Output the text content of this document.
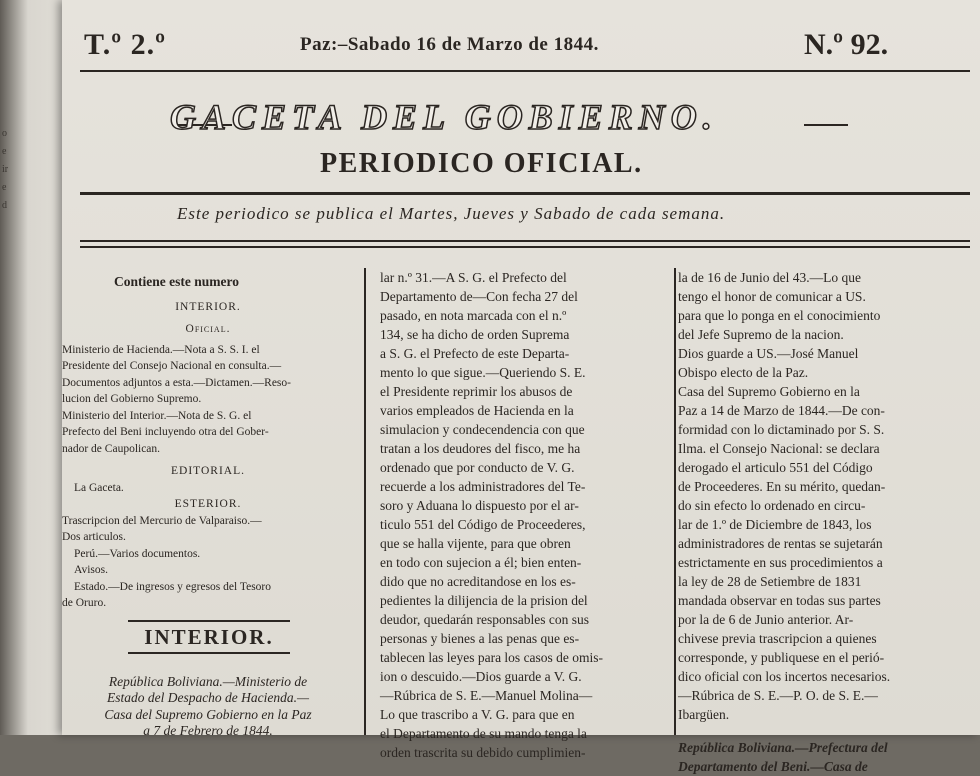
o
e
ir
e
d
T.º 2.º	Paz:–Sabado 16 de Marzo de 1844.	N.º 92.
GACETA DEL GOBIERNO.
PERIODICO OFICIAL.
Este periodico se publica el Martes, Jueves y Sabado de cada semana.
Contiene este numero
INTERIOR.
Oficial.
Ministerio de Hacienda.—Nota a S. S. I. el
Presidente del Consejo Nacional en consulta.—
Documentos adjuntos a esta.—Dictamen.—Reso-
lucion del Gobierno Supremo.
Ministerio del Interior.—Nota de S. G. el
Prefecto del Beni incluyendo otra del Gober-
nador de Caupolican.
EDITORIAL.
La Gaceta.
ESTERIOR.
Trascripcion del Mercurio de Valparaiso.—
Dos articulos.
Perú.—Varios documentos.
Avisos.
Estado.—De ingresos y egresos del Tesoro
de Oruro.
INTERIOR.
República Boliviana.—Ministerio de
Estado del Despacho de Hacienda.—
Casa del Supremo Gobierno en la Paz
a 7 de Febrero de 1844.
lar n.º 31.—A S. G. el Prefecto del
Departamento de—Con fecha 27 del
pasado, en nota marcada con el n.º
134, se ha dicho de orden Suprema
a S. G. el Prefecto de este Departa-
mento lo que sigue.—Queriendo S. E.
el Presidente reprimir los abusos de
varios empleados de Hacienda en la
simulacion y condecendencia con que
tratan a los deudores del fisco, me ha
ordenado que por conducto de V. G.
recuerde a los administradores del Te-
soro y Aduana lo dispuesto por el ar-
ticulo 551 del Código de Proceederes,
que se halla vijente, para que obren
en todo con sujecion a él; bien enten-
dido que no acreditandose en los es-
pedientes la dilijencia de la prision del
deudor, quedarán responsables con sus
personas y bienes a las penas que es-
tablecen las leyes para los casos de omis-
ion o descuido.—Dios guarde a V. G.
—Rúbrica de S. E.—Manuel Molina—
Lo que trascribo a V. G. para que en
el Departamento de su mando tenga la
orden trascrita su debido cumplimien-
la de 16 de Junio del 43.—Lo que
tengo el honor de comunicar a US.
para que lo ponga en el conocimiento
del Jefe Supremo de la nacion.
Dios guarde a US.—José Manuel
Obispo electo de la Paz.
Casa del Supremo Gobierno en la
Paz a 14 de Marzo de 1844.—De con-
formidad con lo dictaminado por S. S.
Ilma. el Consejo Nacional: se declara
derogado el articulo 551 del Código
de Proceederes. En su mérito, quedan-
do sin efecto lo ordenado en circu-
lar de 1.º de Diciembre de 1843, los
administradores de rentas se sujetarán
estrictamente en sus procedimientos a
la ley de 28 de Setiembre de 1831
mandada observar en todas sus partes
por la de 6 de Junio anterior. Ar-
chivese previa trascripcion a quienes
corresponde, y publiquese en el perió-
dico oficial con los incertos necesarios.
—Rúbrica de S. E.—P. O. de S. E.—
Ibargüen.
República Boliviana.—Prefectura del
Departamento del Beni.—Casa de
